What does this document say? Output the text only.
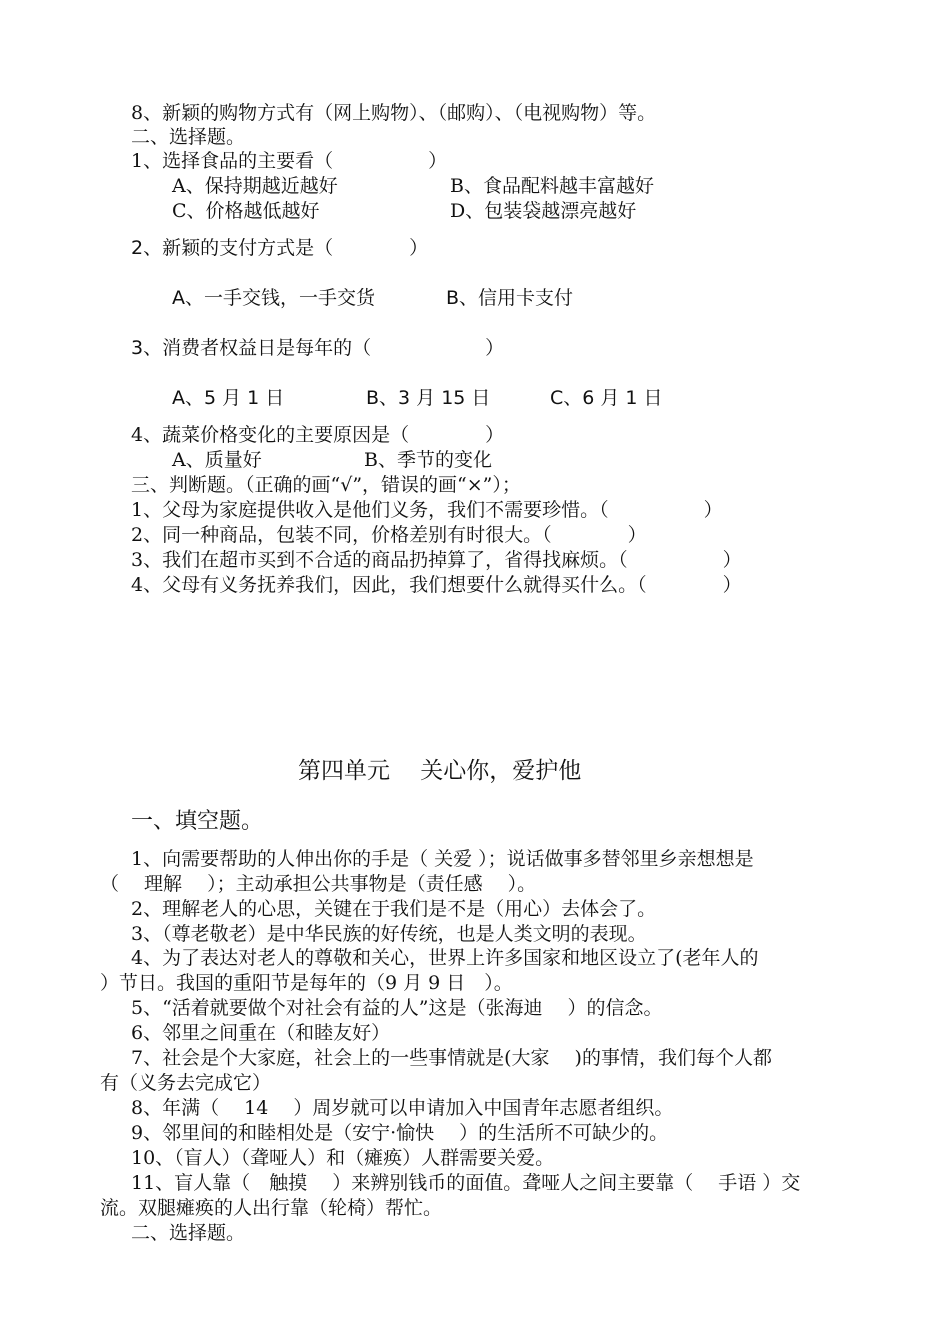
8、新颖的购物方式有（网上购物）、（邮购）、（电视购物）等。
二、选择题。
1、选择食品的主要看（　　　　　）
A、保持期越近越好	B、食品配料越丰富越好
C、价格越低越好	D、包装袋越漂亮越好
2、新颖的支付方式是（　　　　）
A、一手交钱，一手交货	B、信用卡支付
3、消费者权益日是每年的（　　　　　　）
A、5 月 1 日	B、3 月 15 日	C、6 月 1 日
4、蔬菜价格变化的主要原因是（　　　　）
A、质量好	B、季节的变化
三、判断题。（正确的画“√”，错误的画“×”）；
1、父母为家庭提供收入是他们义务，我们不需要珍惜。（　　　　　）
2、同一种商品，包装不同，价格差别有时很大。（　　　　）
3、我们在超市买到不合适的商品扔掉算了，省得找麻烦。（　　　　　）
4、父母有义务抚养我们，因此，我们想要什么就得买什么。（　　　　）
第四单元　 关心你，爱护他
一、填空题。
1、向需要帮助的人伸出你的手是（ 关爱 ）；说话做事多替邻里乡亲想想是
（　 理解　 ）；主动承担公共事物是（责任感　 ）。
2、理解老人的心思，关键在于我们是不是（用心）去体会了。
3、（尊老敬老）是中华民族的好传统，也是人类文明的表现。
4、为了表达对老人的尊敬和关心，世界上许多国家和地区设立了(老年人的
）节日。我国的重阳节是每年的（9 月 9 日　）。
5、“活着就要做个对社会有益的人”这是（张海迪　 ）的信念。
6、邻里之间重在（和睦友好）
7、社会是个大家庭，社会上的一些事情就是(大家　 )的事情，我们每个人都
有（义务去完成它）
8、年满（　 14　 ）周岁就可以申请加入中国青年志愿者组织。
9、邻里间的和睦相处是（安宁·愉快　 ）的生活所不可缺少的。
10、（盲人）（聋哑人）和（瘫痪）人群需要关爱。
11、盲人靠（　触摸　 ）来辨别钱币的面值。聋哑人之间主要靠（　 手语 ）交
流。双腿瘫痪的人出行靠（轮椅）帮忙。
二、选择题。
